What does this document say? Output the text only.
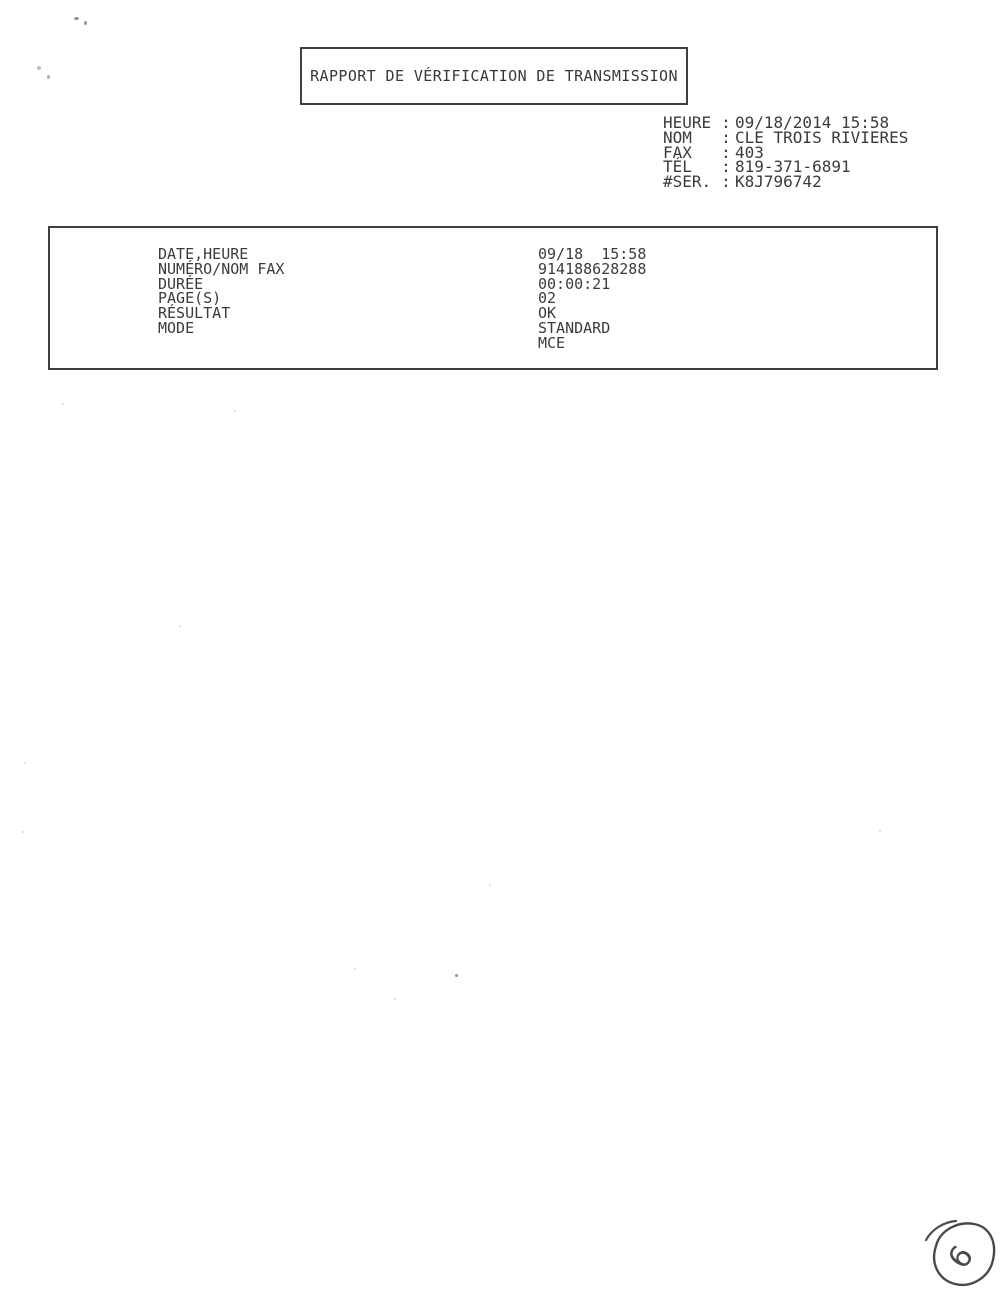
RAPPORT DE VÉRIFICATION DE TRANSMISSION
HEURE : 09/18/2014 15:58
NOM : CLE TROIS RIVIERES
FAX : 403
TÉL : 819-371-6891
#SER. : K8J796742
DATE,HEURE	09/18  15:58
NUMÉRO/NOM FAX	914188628288
DURÉE	00:00:21
PAGE(S)	02
RÉSULTAT	OK
MODE	STANDARD
MCE
6
